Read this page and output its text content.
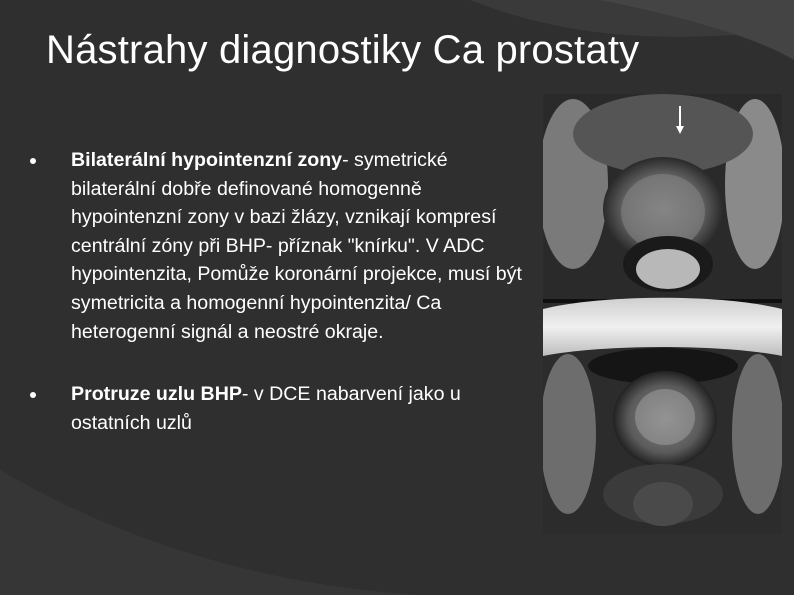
Nástrahy diagnostiky Ca prostaty
Bilaterální hypointenzní zony- symetrické bilaterální dobře definované homogenně hypointenzní zony v bazi žlázy, vznikají kompresí centrální zóny při BHP- příznak "knírku". V ADC hypointenzita, Pomůže koronární projekce, musí být symetricita a homogenní hypointenzita/ Ca heterogenní signál a neostré okraje.
Protruze uzlu BHP- v DCE nabarvení jako u ostatních uzlů
